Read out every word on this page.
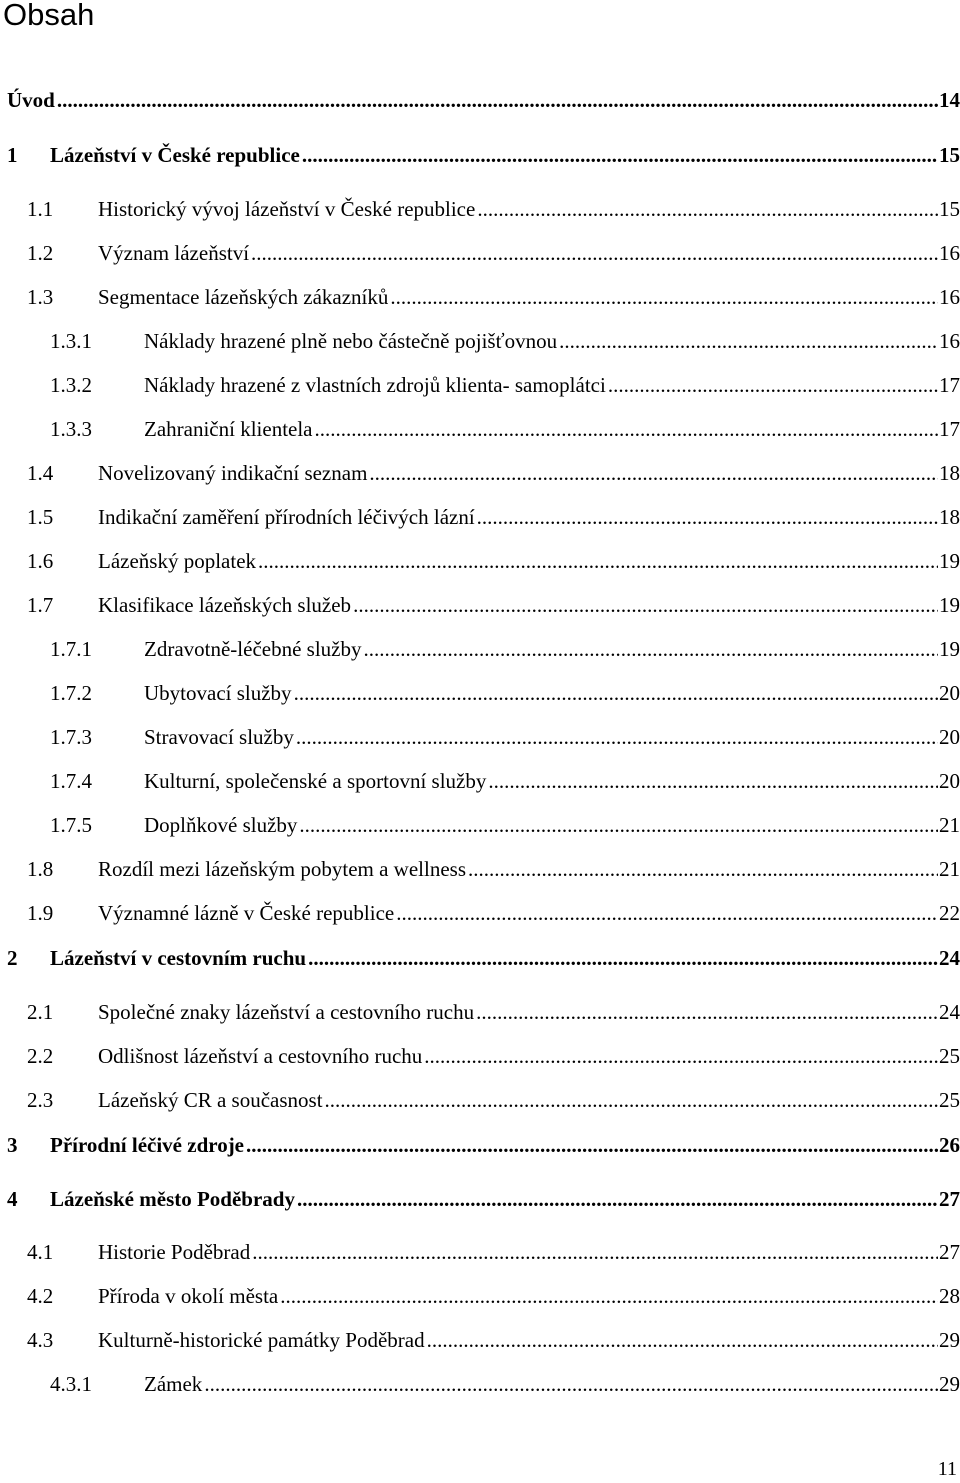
Obsah
Úvod .....	14
1	Lázeňství v České republice .....	15
1.1	Historický vývoj lázeňství v České republice .....	15
1.2	Význam lázeňství .....	16
1.3	Segmentace lázeňských zákazníků .....	16
1.3.1	Náklady hrazené plně nebo částečně pojišťovnou .....	16
1.3.2	Náklady hrazené z vlastních zdrojů klienta- samoplátci .....	17
1.3.3	Zahraniční klientela .....	17
1.4	Novelizovaný indikační seznam .....	18
1.5	Indikační zaměření přírodních léčivých lázní .....	18
1.6	Lázeňský poplatek .....	19
1.7	Klasifikace lázeňských služeb .....	19
1.7.1	Zdravotně-léčebné služby .....	19
1.7.2	Ubytovací služby .....	20
1.7.3	Stravovací služby .....	20
1.7.4	Kulturní, společenské a sportovní služby .....	20
1.7.5	Doplňkové služby .....	21
1.8	Rozdíl mezi lázeňským pobytem a wellness .....	21
1.9	Významné lázně v České republice .....	22
2	Lázeňství v cestovním ruchu .....	24
2.1	Společné znaky lázeňství a cestovního ruchu .....	24
2.2	Odlišnost lázeňství a cestovního ruchu .....	25
2.3	Lázeňský CR a současnost .....	25
3	Přírodní léčivé zdroje .....	26
4	Lázeňské město Poděbrady .....	27
4.1	Historie Poděbrad .....	27
4.2	Příroda v okolí města .....	28
4.3	Kulturně-historické památky Poděbrad .....	29
4.3.1	Zámek .....	29
11
